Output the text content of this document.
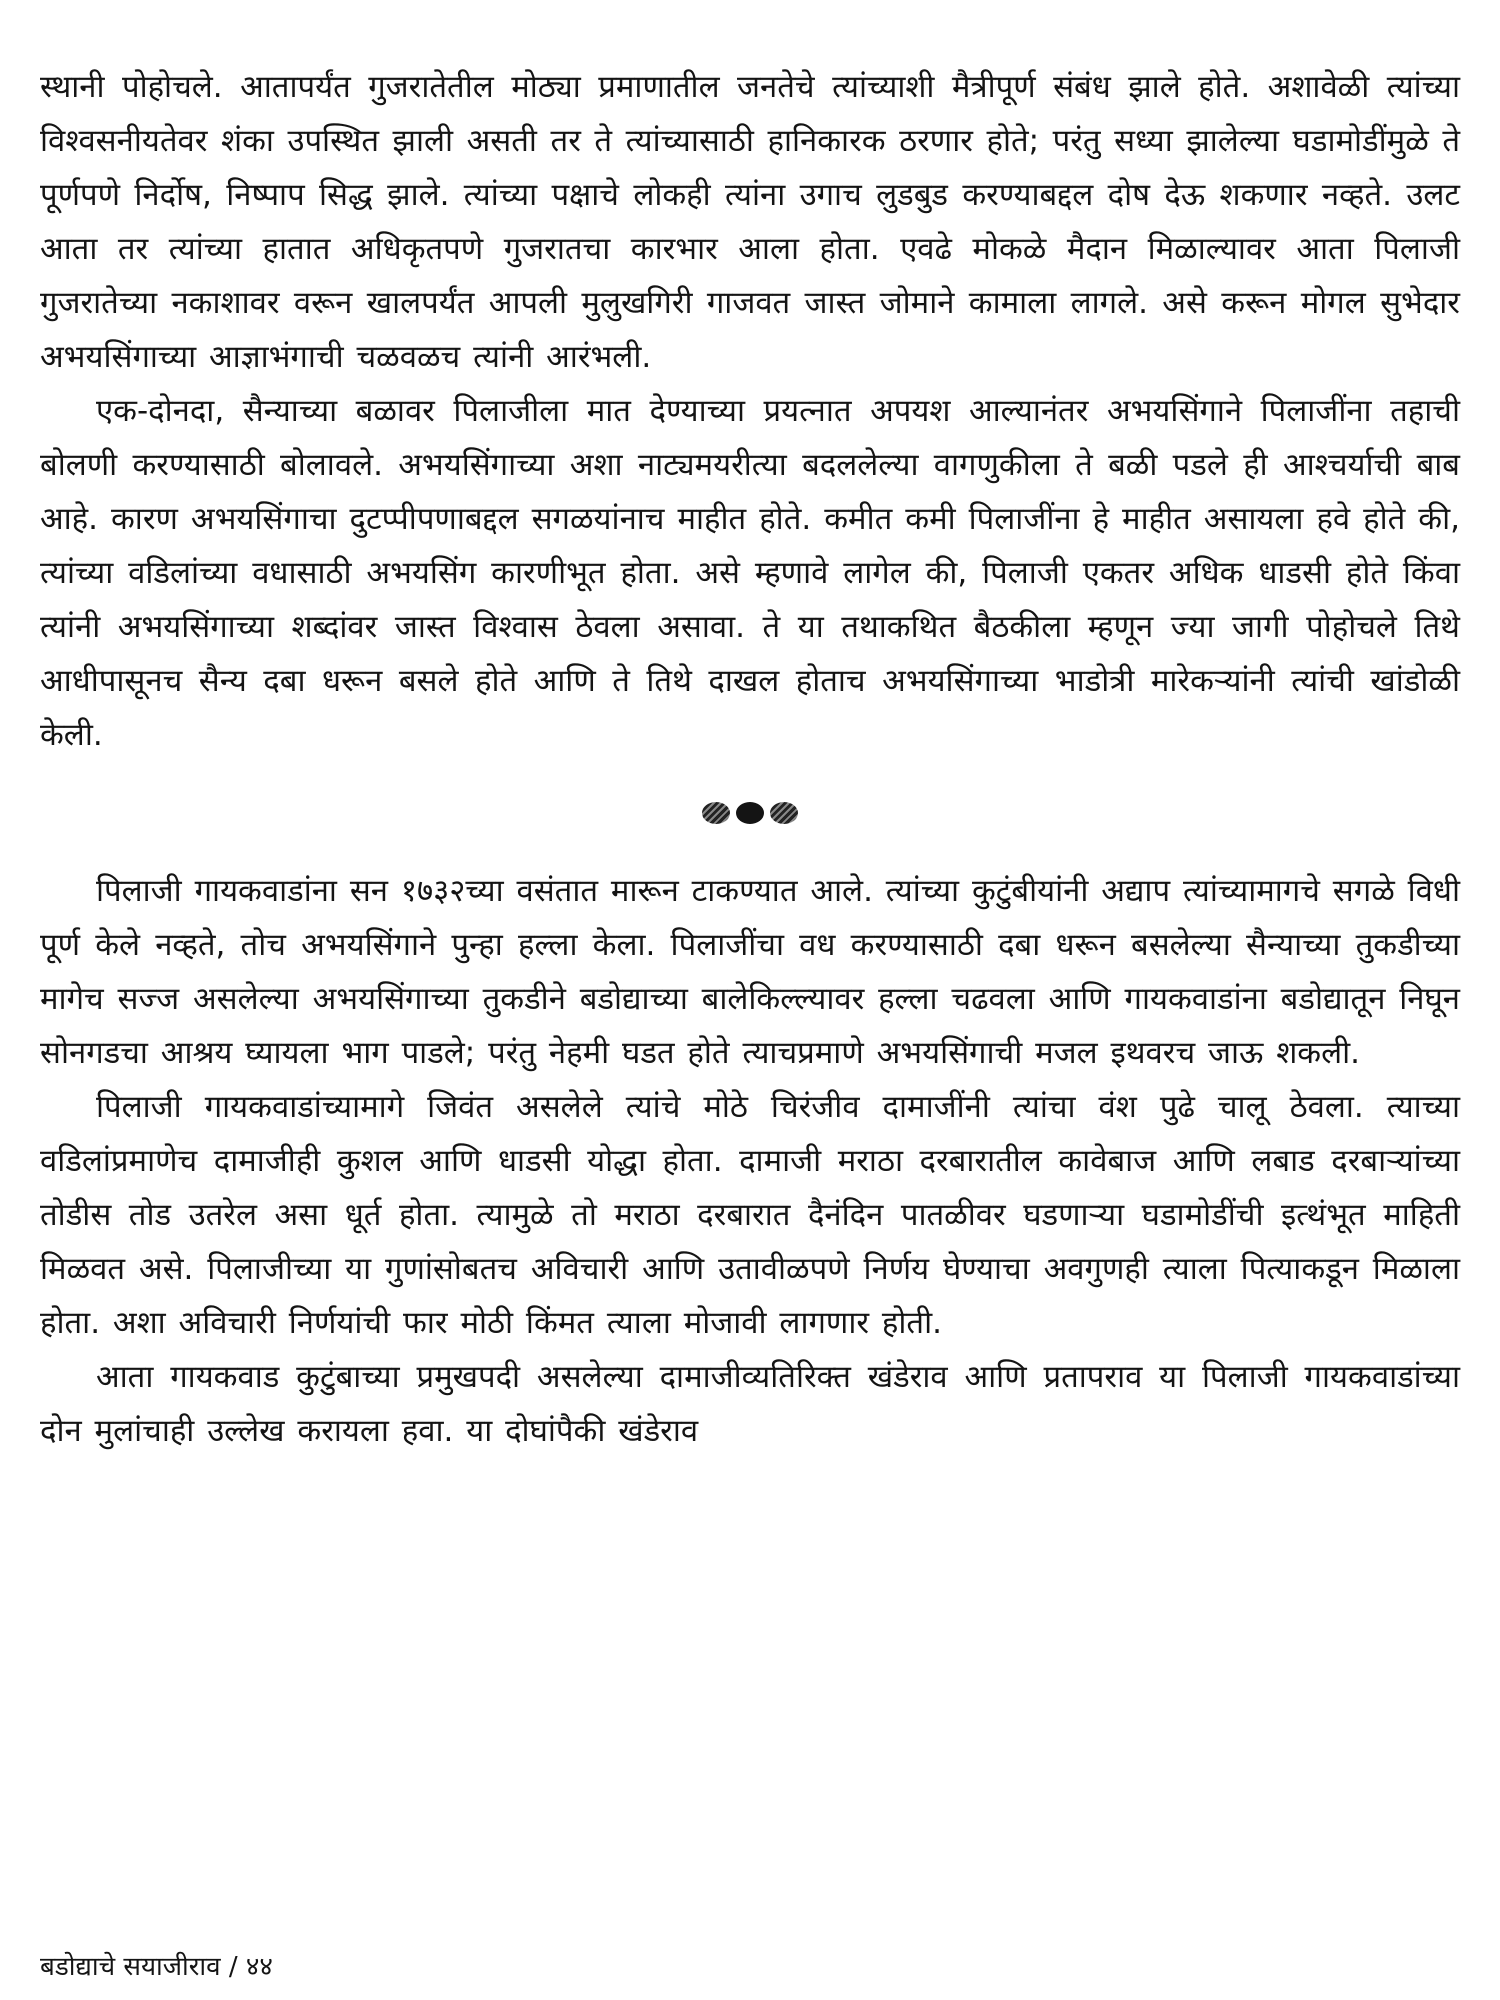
स्थानी पोहोचले. आतापर्यंत गुजरातेतील मोठ्या प्रमाणातील जनतेचे त्यांच्याशी मैत्रीपूर्ण संबंध झाले होते. अशावेळी त्यांच्या विश्वसनीयतेवर शंका उपस्थित झाली असती तर ते त्यांच्यासाठी हानिकारक ठरणार होते; परंतु सध्या झालेल्या घडामोडींमुळे ते पूर्णपणे निर्दोष, निष्पाप सिद्ध झाले. त्यांच्या पक्षाचे लोकही त्यांना उगाच लुडबुड करण्याबद्दल दोष देऊ शकणार नव्हते. उलट आता तर त्यांच्या हातात अधिकृतपणे गुजरातचा कारभार आला होता. एवढे मोकळे मैदान मिळाल्यावर आता पिलाजी गुजरातेच्या नकाशावर वरून खालपर्यंत आपली मुलुखगिरी गाजवत जास्त जोमाने कामाला लागले. असे करून मोगल सुभेदार अभयसिंगाच्या आज्ञाभंगाची चळवळच त्यांनी आरंभली.

एक-दोनदा, सैन्याच्या बळावर पिलाजीला मात देण्याच्या प्रयत्नात अपयश आल्यानंतर अभयसिंगाने पिलाजींना तहाची बोलणी करण्यासाठी बोलावले. अभयसिंगाच्या अशा नाट्यमयरीत्या बदललेल्या वागणुकीला ते बळी पडले ही आश्चर्याची बाब आहे. कारण अभयसिंगाचा दुटप्पीपणाबद्दल सगळयांनाच माहीत होते. कमीत कमी पिलाजींना हे माहीत असायला हवे होते की, त्यांच्या वडिलांच्या वधासाठी अभयसिंग कारणीभूत होता. असे म्हणावे लागेल की, पिलाजी एकतर अधिक धाडसी होते किंवा त्यांनी अभयसिंगाच्या शब्दांवर जास्त विश्वास ठेवला असावा. ते या तथाकथित बैठकीला म्हणून ज्या जागी पोहोचले तिथे आधीपासूनच सैन्य दबा धरून बसले होते आणि ते तिथे दाखल होताच अभयसिंगाच्या भाडोत्री मारेकऱ्यांनी त्यांची खांडोळी केली.

पिलाजी गायकवाडांना सन १७३२च्या वसंतात मारून टाकण्यात आले. त्यांच्या कुटुंबीयांनी अद्याप त्यांच्यामागचे सगळे विधी पूर्ण केले नव्हते, तोच अभयसिंगाने पुन्हा हल्ला केला. पिलाजींचा वध करण्यासाठी दबा धरून बसलेल्या सैन्याच्या तुकडीच्या मागेच सज्ज असलेल्या अभयसिंगाच्या तुकडीने बडोद्याच्या बालेकिल्ल्यावर हल्ला चढवला आणि गायकवाडांना बडोद्यातून निघून सोनगडचा आश्रय घ्यायला भाग पाडले; परंतु नेहमी घडत होते त्याचप्रमाणे अभयसिंगाची मजल इथवरच जाऊ शकली.

पिलाजी गायकवाडांच्यामागे जिवंत असलेले त्यांचे मोठे चिरंजीव दामाजींनी त्यांचा वंश पुढे चालू ठेवला. त्याच्या वडिलांप्रमाणेच दामाजीही कुशल आणि धाडसी योद्धा होता. दामाजी मराठा दरबारातील कावेबाज आणि लबाड दरबाऱ्यांच्या तोडीस तोड उतरेल असा धूर्त होता. त्यामुळे तो मराठा दरबारात दैनंदिन पातळीवर घडणाऱ्या घडामोडींची इत्थंभूत माहिती मिळवत असे. पिलाजीच्या या गुणांसोबतच अविचारी आणि उतावीळपणे निर्णय घेण्याचा अवगुणही त्याला पित्याकडून मिळाला होता. अशा अविचारी निर्णयांची फार मोठी किंमत त्याला मोजावी लागणार होती.

आता गायकवाड कुटुंबाच्या प्रमुखपदी असलेल्या दामाजीव्यतिरिक्त खंडेराव आणि प्रतापराव या पिलाजी गायकवाडांच्या दोन मुलांचाही उल्लेख करायला हवा. या दोघांपैकी खंडेराव

बडोद्याचे सयाजीराव / ४४
